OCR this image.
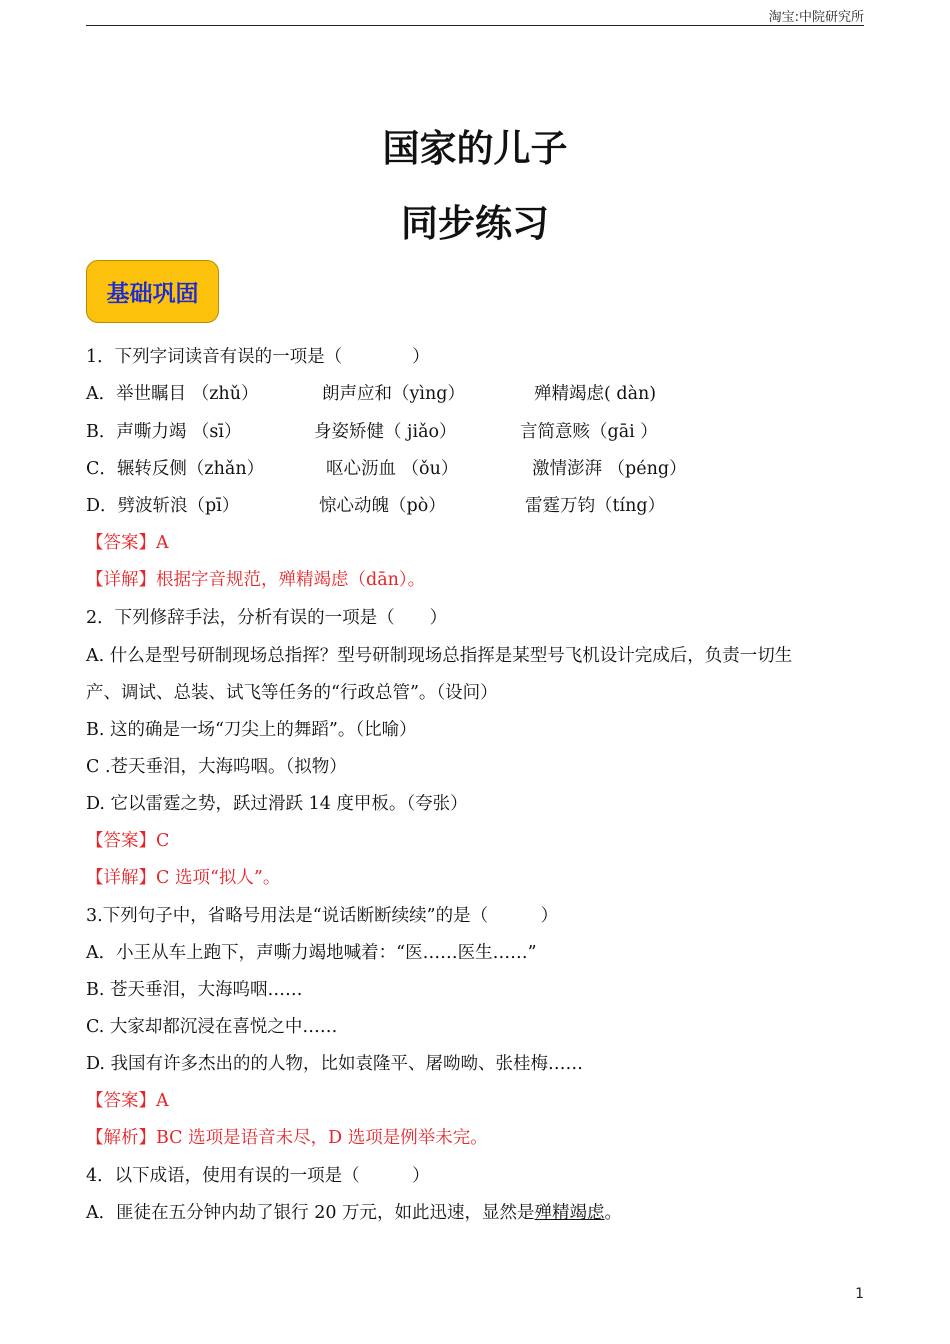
淘宝:中院研究所
国家的儿子
同步练习
基础巩固
1．下列字词读音有误的一项是（　　　　）
A．举世瞩目 （zhǔ）	朗声应和（yìng）	殚精竭虑( dàn)
B．声嘶力竭 （sī）	身姿矫健（ jiǎo）	言简意赅（gāi ）
C．辗转反侧（zhǎn）	呕心沥血 （ǒu）	激情澎湃 （péng）
D．劈波斩浪（pī）	惊心动魄（pò）	雷霆万钧（tíng）
【答案】A
【详解】根据字音规范，殚精竭虑（dān）。
2．下列修辞手法，分析有误的一项是（　　）
A. 什么是型号研制现场总指挥？型号研制现场总指挥是某型号飞机设计完成后，负责一切生
产、调试、总装、试飞等任务的“行政总管”。（设问）
B. 这的确是一场“刀尖上的舞蹈”。（比喻）
C .苍天垂泪，大海呜咽。（拟物）
D. 它以雷霆之势，跃过滑跃 14 度甲板。（夸张）
【答案】C
【详解】C 选项“拟人”。
3.下列句子中，省略号用法是“说话断断续续”的是（　　　）
A．小王从车上跑下，声嘶力竭地喊着：“医……医生……”
B. 苍天垂泪，大海呜咽……
C. 大家却都沉浸在喜悦之中……
D. 我国有许多杰出的的人物，比如袁隆平、屠呦呦、张桂梅……
【答案】A
【解析】BC 选项是语音未尽，D 选项是例举未完。
4．以下成语，使用有误的一项是（　　　）
A．匪徒在五分钟内劫了银行 20 万元，如此迅速，显然是殚精竭虑。
1
